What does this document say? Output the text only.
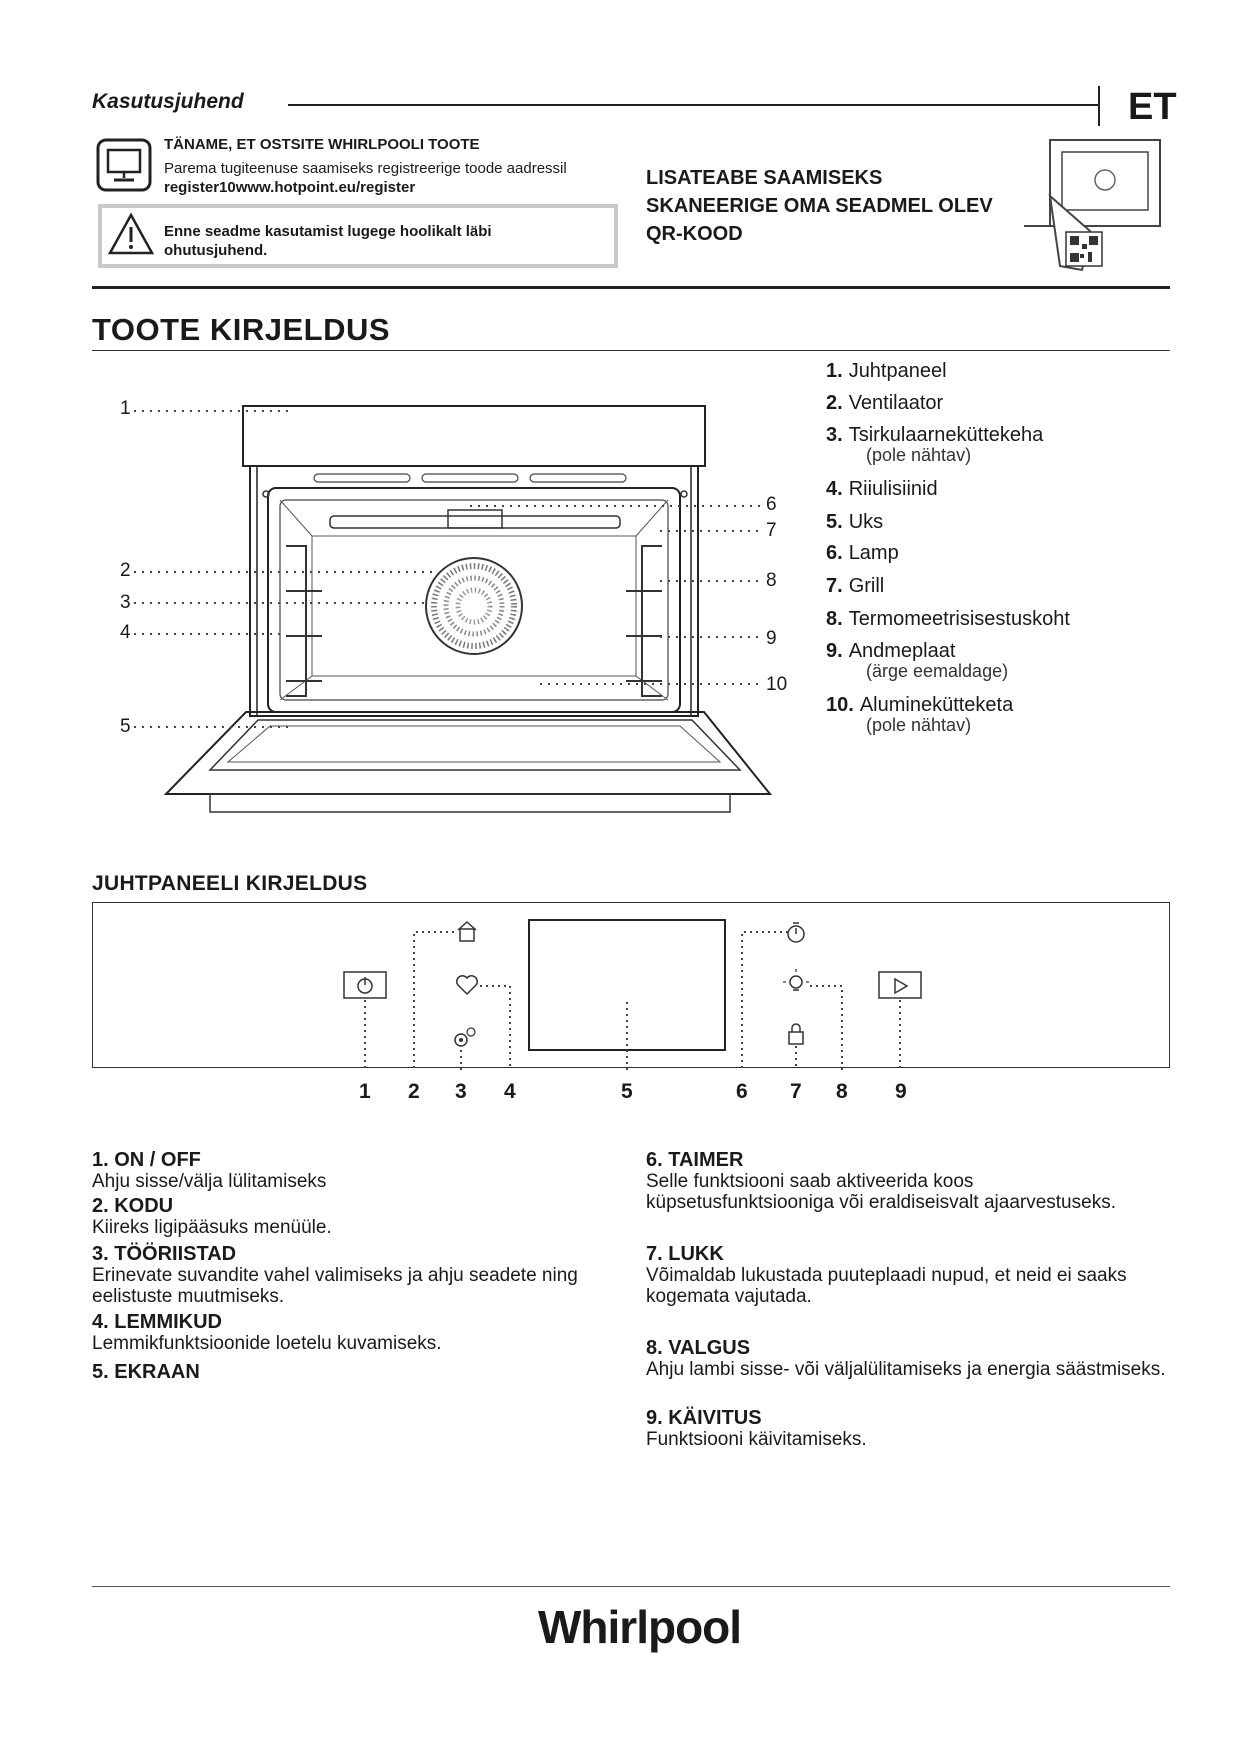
Kasutusjuhend	ET
TÄNAME, ET OSTSITE WHIRLPOOLI TOOTE
Parema tugiteenuse saamiseks registreerige toode aadressil
register10www.hotpoint.eu/register
Enne seadme kasutamist lugege hoolikalt läbi ohutusjuhend.
LISATEABE SAAMISEKS
SKANEERIGE OMA SEADMEL OLEV
QR-KOOD
TOOTE KIRJELDUS
1
2
3
4
5
6
7
8
9
10
1. Juhtpaneel
2. Ventilaator
3. Tsirkulaarneküttekeha
(pole nähtav)
4. Riiulisiinid
5. Uks
6. Lamp
7. Grill
8. Termomeetrisisestuskoht
9. Andmeplaat
(ärge eemaldage)
10. Aluminekütteketa
(pole nähtav)
JUHTPANEELI KIRJELDUS
1 2 3 4	5	6 7 8 9
1. ON / OFF
Ahju sisse/välja lülitamiseks
2. KODU
Kiireks ligipääsuks menüüle.
3. TÖÖRIISTAD
Erinevate suvandite vahel valimiseks ja ahju seadete ning eelistuste muutmiseks.
4. LEMMIKUD
Lemmikfunktsioonide loetelu kuvamiseks.
5. EKRAAN
6. TAIMER
Selle funktsiooni saab aktiveerida koos küpsetusfunktsiooniga või eraldiseisvalt ajaarvestuseks.
7. LUKK
Võimaldab lukustada puuteplaadi nupud, et neid ei saaks kogemata vajutada.
8. VALGUS
Ahju lambi sisse- või väljalülitamiseks ja energia säästmiseks.
9. KÄIVITUS
Funktsiooni käivitamiseks.
Whirlpool
